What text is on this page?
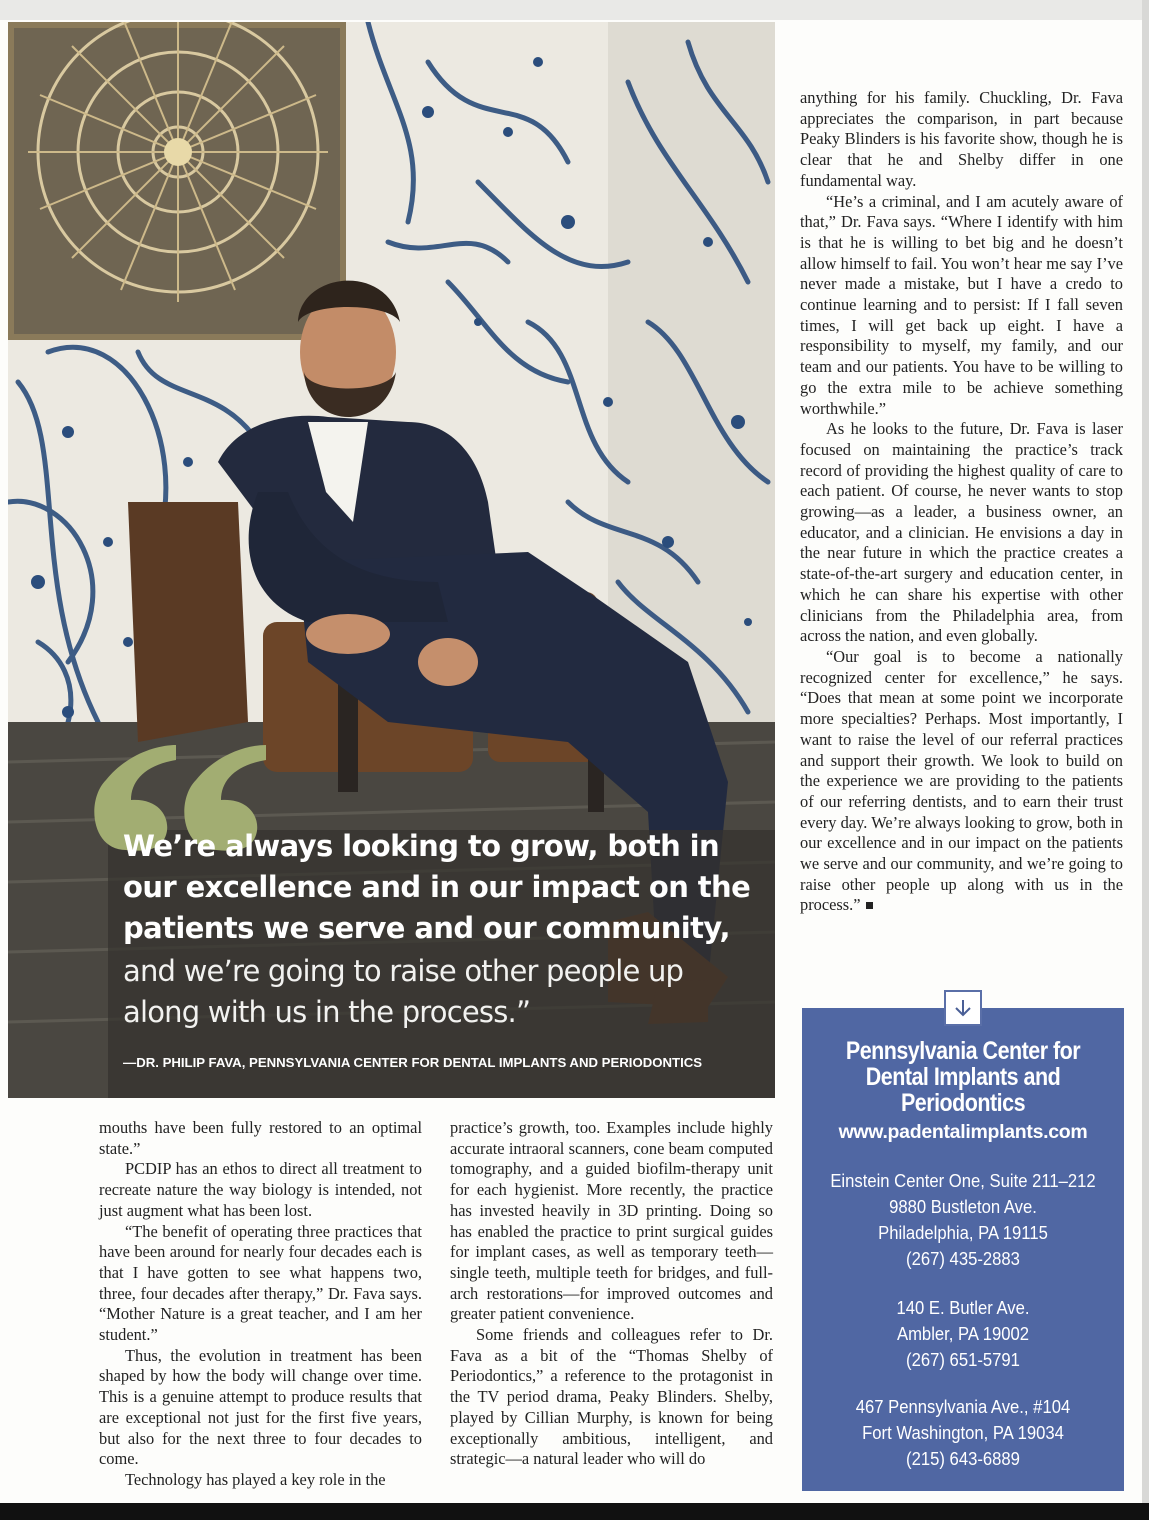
We’re always looking to grow, both in
our excellence and in our impact on the
patients we serve and our community,
and we’re going to raise other people up
along with us in the process.”
—DR. PHILIP FAVA, PENNSYLVANIA CENTER FOR DENTAL IMPLANTS AND PERIODONTICS

mouths have been fully restored to an optimal state.”

PCDIP has an ethos to direct all treatment to recreate nature the way biology is intended, not just augment what has been lost.

“The benefit of operating three practices that have been around for nearly four decades each is that I have gotten to see what happens two, three, four decades after therapy,” Dr. Fava says. “Mother Nature is a great teacher, and I am her student.”

Thus, the evolution in treatment has been shaped by how the body will change over time. This is a genuine attempt to produce results that are exceptional not just for the first five years, but also for the next three to four decades to come.

Technology has played a key role in the

practice’s growth, too. Examples include highly accurate intraoral scanners, cone beam computed tomography, and a guided biofilm-therapy unit for each hygienist. More recently, the practice has invested heavily in 3D printing. Doing so has enabled the practice to print surgical guides for implant cases, as well as temporary teeth—single teeth, multiple teeth for bridges, and full-arch restorations—for improved outcomes and greater patient convenience.

Some friends and colleagues refer to Dr. Fava as a bit of the “Thomas Shelby of Periodontics,” a reference to the protagonist in the TV period drama, Peaky Blinders. Shelby, played by Cillian Murphy, is known for being exceptionally ambitious, intelligent, and strategic—a natural leader who will do

anything for his family. Chuckling, Dr. Fava appreciates the comparison, in part because Peaky Blinders is his favorite show, though he is clear that he and Shelby differ in one fundamental way.

“He’s a criminal, and I am acutely aware of that,” Dr. Fava says. “Where I identify with him is that he is willing to bet big and he doesn’t allow himself to fail. You won’t hear me say I’ve never made a mistake, but I have a credo to continue learning and to persist: If I fall seven times, I will get back up eight. I have a responsibility to myself, my family, and our team and our patients. You have to be willing to go the extra mile to be achieve something worthwhile.”

As he looks to the future, Dr. Fava is laser focused on maintaining the practice’s track record of providing the highest quality of care to each patient. Of course, he never wants to stop growing—as a leader, a business owner, an educator, and a clinician. He envisions a day in the near future in which the practice creates a state-of-the-art surgery and education center, in which he can share his expertise with other clinicians from the Philadelphia area, from across the nation, and even globally.

“Our goal is to become a nationally recognized center for excellence,” he says. “Does that mean at some point we incorporate more specialties? Perhaps. Most importantly, I want to raise the level of our referral practices and support their growth. We look to build on the experience we are providing to the patients of our referring dentists, and to earn their trust every day. We’re always looking to grow, both in our excellence and in our impact on the patients we serve and our community, and we’re going to raise other people up along with us in the process.”

Pennsylvania Center for
Dental Implants and
Periodontics
www.padentalimplants.com
Einstein Center One, Suite 211–212
9880 Bustleton Ave.
Philadelphia, PA 19115
(267) 435-2883
140 E. Butler Ave.
Ambler, PA 19002
(267) 651-5791
467 Pennsylvania Ave., #104
Fort Washington, PA 19034
(215) 643-6889
